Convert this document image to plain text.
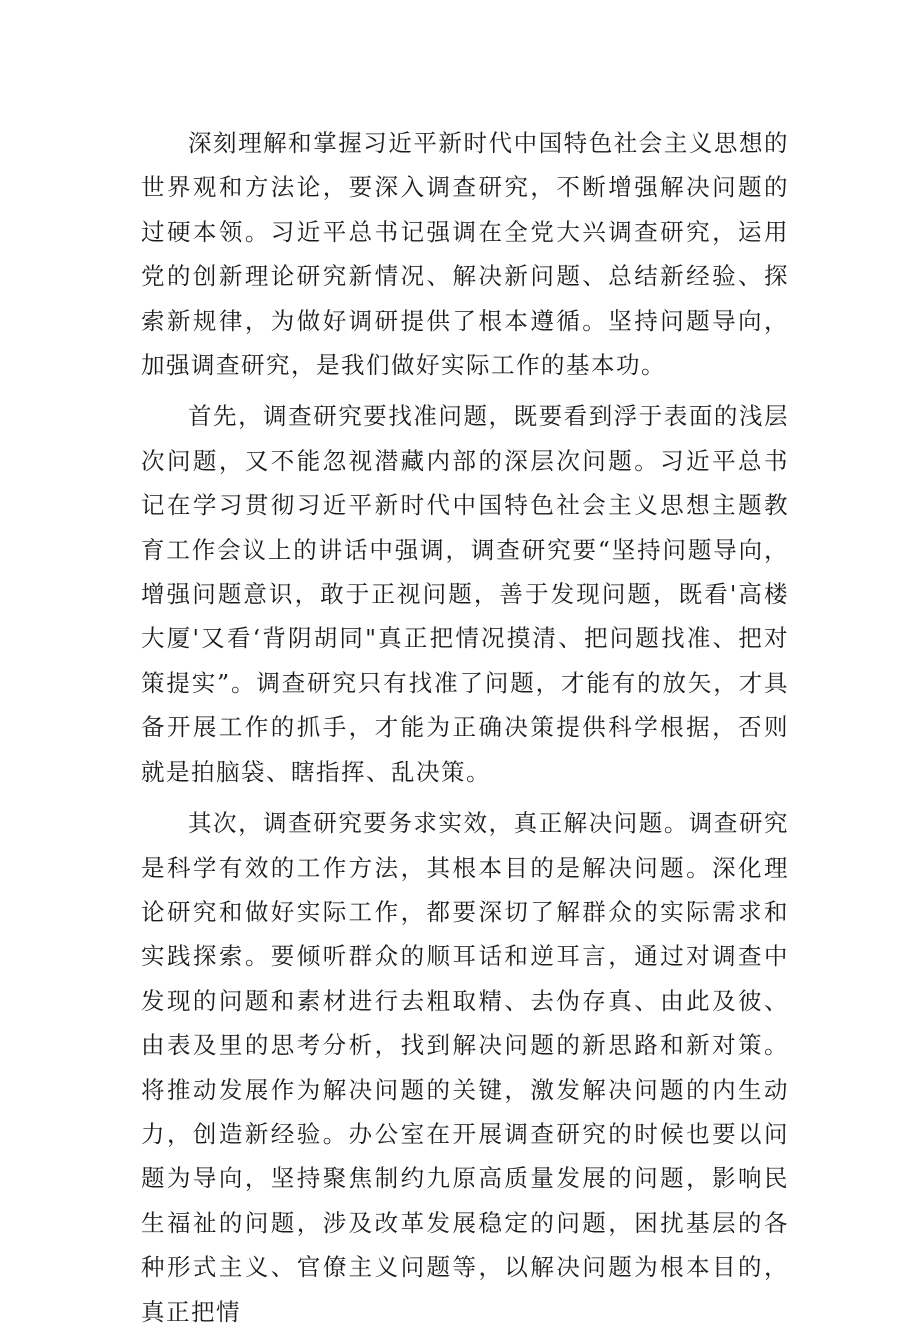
深刻理解和掌握习近平新时代中国特色社会主义思想的世界观和方法论，要深入调查研究，不断增强解决问题的过硬本领。习近平总书记强调在全党大兴调查研究，运用党的创新理论研究新情况、解决新问题、总结新经验、探索新规律，为做好调研提供了根本遵循。坚持问题导向，加强调查研究，是我们做好实际工作的基本功。

首先，调查研究要找准问题，既要看到浮于表面的浅层次问题，又不能忽视潜藏内部的深层次问题。习近平总书记在学习贯彻习近平新时代中国特色社会主义思想主题教育工作会议上的讲话中强调，调查研究要“坚持问题导向，增强问题意识，敢于正视问题，善于发现问题，既看'高楼大厦'又看‘背阴胡同"真正把情况摸清、把问题找准、把对策提实”。调查研究只有找准了问题，才能有的放矢，才具备开展工作的抓手，才能为正确决策提供科学根据，否则就是拍脑袋、瞎指挥、乱决策。

其次，调查研究要务求实效，真正解决问题。调查研究是科学有效的工作方法，其根本目的是解决问题。深化理论研究和做好实际工作，都要深切了解群众的实际需求和实践探索。要倾听群众的顺耳话和逆耳言，通过对调查中发现的问题和素材进行去粗取精、去伪存真、由此及彼、由表及里的思考分析，找到解决问题的新思路和新对策。将推动发展作为解决问题的关键，激发解决问题的内生动力，创造新经验。办公室在开展调查研究的时候也要以问题为导向，坚持聚焦制约九原高质量发展的问题，影响民生福祉的问题，涉及改革发展稳定的问题，困扰基层的各种形式主义、官僚主义问题等，以解决问题为根本目的，真正把情
